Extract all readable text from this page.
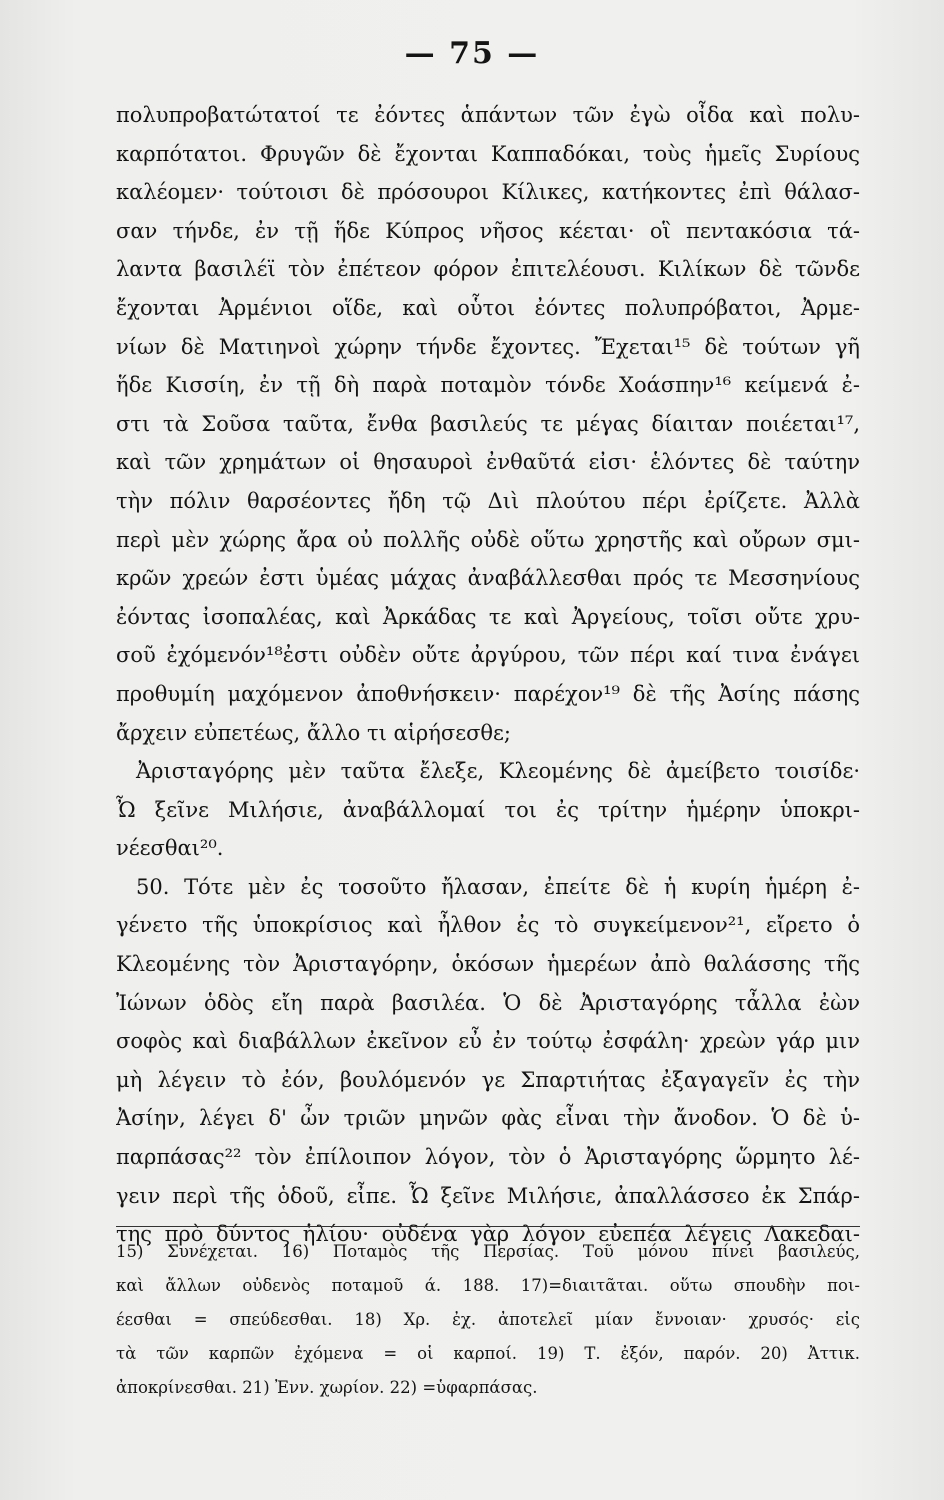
— 75 —
πολυπροβατώτατοί τε ἐόντες ἁπάντων τῶν ἐγὼ οἶδα καὶ πολυ-
καρπότατοι. Φρυγῶν δὲ ἔχονται Καππαδόκαι, τοὺς ἡμεῖς Συρίους
καλέομεν· τούτοισι δὲ πρόσουροι Κίλικες, κατήκοντες ἐπὶ θάλασ-
σαν τήνδε, ἐν τῇ ἥδε Κύπρος νῆσος κέεται· οἳ πεντακόσια τά-
λαντα βασιλέϊ τὸν ἐπέτεον φόρον ἐπιτελέουσι. Κιλίκων δὲ τῶνδε
ἔχονται Ἀρμένιοι οἵδε, καὶ οὗτοι ἐόντες πολυπρόβατοι, Ἀρμε-
νίων δὲ Ματιηνοὶ χώρην τήνδε ἔχοντες. Ἔχεται¹⁵ δὲ τούτων γῆ
ἥδε Κισσίη, ἐν τῇ δὴ παρὰ ποταμὸν τόνδε Χοάσπην¹⁶ κείμενά ἐ-
στι τὰ Σοῦσα ταῦτα, ἔνθα βασιλεύς τε μέγας δίαιταν ποιέεται¹⁷,
καὶ τῶν χρημάτων οἱ θησαυροὶ ἐνθαῦτά εἰσι· ἑλόντες δὲ ταύτην
τὴν πόλιν θαρσέοντες ἤδη τῷ Διὶ πλούτου πέρι ἐρίζετε. Ἀλλὰ
περὶ μὲν χώρης ἄρα οὐ πολλῆς οὐδὲ οὕτω χρηστῆς καὶ οὔρων σμι-
κρῶν χρεών ἐστι ὑμέας μάχας ἀναβάλλεσθαι πρός τε Μεσσηνίους
ἐόντας ἰσοπαλέας, καὶ Ἀρκάδας τε καὶ Ἀργείους, τοῖσι οὔτε χρυ-
σοῦ ἐχόμενόν¹⁸ἐστι οὐδὲν οὔτε ἀργύρου, τῶν πέρι καί τινα ἐνάγει
προθυμίη μαχόμενον ἀποθνήσκειν· παρέχον¹⁹ δὲ τῆς Ἀσίης πάσης
ἄρχειν εὐπετέως, ἄλλο τι αἱρήσεσθε;
Ἀρισταγόρης μὲν ταῦτα ἔλεξε, Κλεομένης δὲ ἀμείβετο τοισίδε·
Ὦ ξεῖνε Μιλήσιε, ἀναβάλλομαί τοι ἐς τρίτην ἡμέρην ὑποκρι-
νέεσθαι²⁰.
50. Τότε μὲν ἐς τοσοῦτο ἤλασαν, ἐπείτε δὲ ἡ κυρίη ἡμέρη ἐ-
γένετο τῆς ὑποκρίσιος καὶ ἦλθον ἐς τὸ συγκείμενον²¹, εἴρετο ὁ
Κλεομένης τὸν Ἀρισταγόρην, ὁκόσων ἡμερέων ἀπὸ θαλάσσης τῆς
Ἰώνων ὁδὸς εἴη παρὰ βασιλέα. Ὁ δὲ Ἀρισταγόρης τἆλλα ἐὼν
σοφὸς καὶ διαβάλλων ἐκεῖνον εὖ ἐν τούτῳ ἐσφάλη· χρεὼν γάρ μιν
μὴ λέγειν τὸ ἐόν, βουλόμενόν γε Σπαρτιήτας ἐξαγαγεῖν ἐς τὴν
Ἀσίην, λέγει δ' ὦν τριῶν μηνῶν φὰς εἶναι τὴν ἄνοδον. Ὁ δὲ ὑ-
παρπάσας²² τὸν ἐπίλοιπον λόγον, τὸν ὁ Ἀρισταγόρης ὥρμητο λέ-
γειν περὶ τῆς ὁδοῦ, εἶπε. Ὦ ξεῖνε Μιλήσιε, ἀπαλλάσσεο ἐκ Σπάρ-
της πρὸ δύντος ἡλίου· οὐδένα γὰρ λόγον εὐεπέα λέγεις Λακεδαι-
15) Συνέχεται. 16) Ποταμὸς τῆς Περσίας. Τοῦ μόνου πίνει βασιλεύς,
καὶ ἄλλων οὐδενὸς ποταμοῦ ά. 188. 17)=διαιτᾶται. οὕτω σπουδὴν ποι-
έεσθαι = σπεύδεσθαι. 18) Χρ. ἐχ. ἀποτελεῖ μίαν ἔννοιαν· χρυσός· εἰς
τὰ τῶν καρπῶν ἐχόμενα = οἱ καρποί. 19) Τ. ἐξόν, παρόν. 20) Ἀττικ.
ἀποκρίνεσθαι. 21) Ἐνν. χωρίον. 22) =ὑφαρπάσας.
